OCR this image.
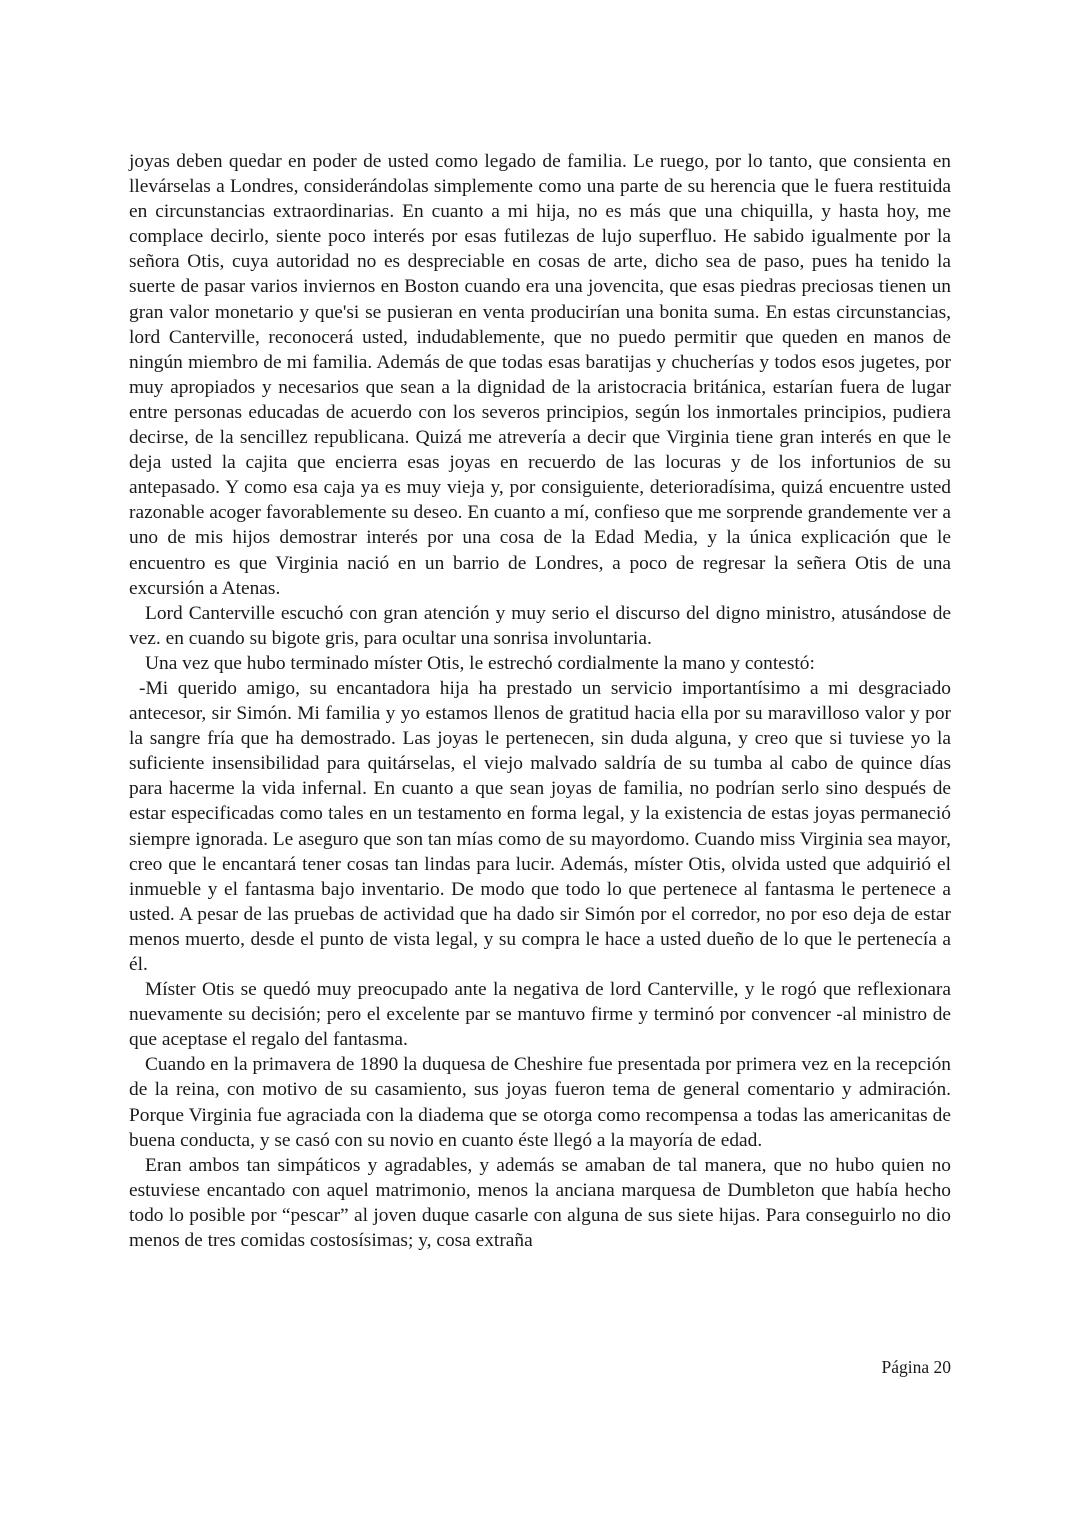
joyas deben quedar en poder de usted como legado de familia. Le ruego, por lo tanto, que consienta en llevárselas a Londres, considerándolas simplemente como una parte de su herencia que le fuera restituida en circunstancias extraordinarias. En cuanto a mi hija, no es más que una chiquilla, y hasta hoy, me complace decirlo, siente poco interés por esas futilezas de lujo superfluo. He sabido igualmente por la señora Otis, cuya autoridad no es despreciable en cosas de arte, dicho sea de paso, pues ha tenido la suerte de pasar varios inviernos en Boston cuando era una jovencita, que esas piedras preciosas tienen un gran valor monetario y que'si se pusieran en venta producirían una bonita suma. En estas circunstancias, lord Canterville, reconocerá usted, indudablemente, que no puedo permitir que queden en manos de ningún miembro de mi familia. Además de que todas esas baratijas y chucherías y todos esos jugetes, por muy apropiados y necesarios que sean a la dignidad de la aristocracia británica, estarían fuera de lugar entre personas educadas de acuerdo con los severos principios, según los inmortales principios, pudiera decirse, de la sencillez republicana. Quizá me atrevería a decir que Virginia tiene gran interés en que le deja usted la cajita que encierra esas joyas en recuerdo de las locuras y de los infortunios de su antepasado. Y como esa caja ya es muy vieja y, por consiguiente, deterioradísima, quizá encuentre usted razonable acoger favorablemente su deseo. En cuanto a mí, confieso que me sorprende grandemente ver a uno de mis hijos demostrar interés por una cosa de la Edad Media, y la única explicación que le encuentro es que Virginia nació en un barrio de Londres, a poco de regresar la señera Otis de una excursión a Atenas.

Lord Canterville escuchó con gran atención y muy serio el discurso del digno ministro, atusándose de vez. en cuando su bigote gris, para ocultar una sonrisa involuntaria.

Una vez que hubo terminado míster Otis, le estrechó cordialmente la mano y contestó:

-Mi querido amigo, su encantadora hija ha prestado un servicio importantísimo a mi desgraciado antecesor, sir Simón. Mi familia y yo estamos llenos de gratitud hacia ella por su maravilloso valor y por la sangre fría que ha demostrado. Las joyas le pertenecen, sin duda alguna, y creo que si tuviese yo la suficiente insensibilidad para quitárselas, el viejo malvado saldría de su tumba al cabo de quince días para hacerme la vida infernal. En cuanto a que sean joyas de familia, no podrían serlo sino después de estar especificadas como tales en un testamento en forma legal, y la existencia de estas joyas permaneció siempre ignorada. Le aseguro que son tan mías como de su mayordomo. Cuando miss Virginia sea mayor, creo que le encantará tener cosas tan lindas para lucir. Además, míster Otis, olvida usted que adquirió el inmueble y el fantasma bajo inventario. De modo que todo lo que pertenece al fantasma le pertenece a usted. A pesar de las pruebas de actividad que ha dado sir Simón por el corredor, no por eso deja de estar menos muerto, desde el punto de vista legal, y su compra le hace a usted dueño de lo que le pertenecía a él.

Míster Otis se quedó muy preocupado ante la negativa de lord Canterville, y le rogó que reflexionara nuevamente su decisión; pero el excelente par se mantuvo firme y terminó por convencer -al ministro de que aceptase el regalo del fantasma.

Cuando en la primavera de 1890 la duquesa de Cheshire fue presentada por primera vez en la recepción de la reina, con motivo de su casamiento, sus joyas fueron tema de general comentario y admiración. Porque Virginia fue agraciada con la diadema que se otorga como recompensa a todas las americanitas de buena conducta, y se casó con su novio en cuanto éste llegó a la mayoría de edad.

Eran ambos tan simpáticos y agradables, y además se amaban de tal manera, que no hubo quien no estuviese encantado con aquel matrimonio, menos la anciana marquesa de Dumbleton que había hecho todo lo posible por “pescar” al joven duque casarle con alguna de sus siete hijas. Para conseguirlo no dio menos de tres comidas costosísimas; y, cosa extraña

Página 20
